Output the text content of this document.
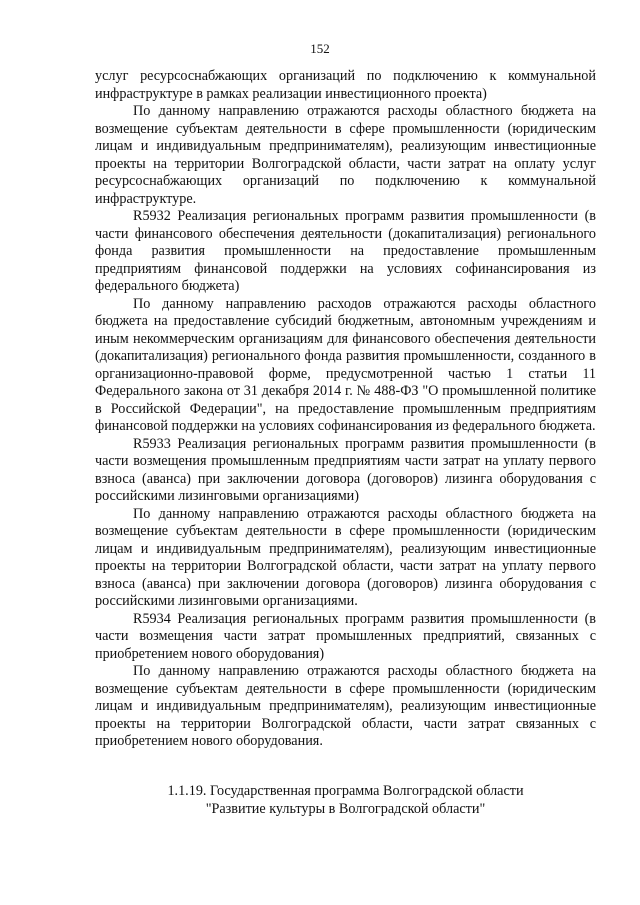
152

услуг ресурсоснабжающих организаций по подключению к коммунальной инфраструктуре в рамках реализации инвестиционного проекта)

По данному направлению отражаются расходы областного бюджета на возмещение субъектам деятельности в сфере промышленности (юридическим лицам и индивидуальным предпринимателям), реализующим инвестиционные проекты на территории Волгоградской области, части затрат на оплату услуг ресурсоснабжающих организаций по подключению к коммунальной инфраструктуре.

R5932 Реализация региональных программ развития промышленности (в части финансового обеспечения деятельности (докапитализация) регионального фонда развития промышленности на предоставление промышленным предприятиям финансовой поддержки на условиях софинансирования из федерального бюджета)

По данному направлению расходов отражаются расходы областного бюджета на предоставление субсидий бюджетным, автономным учреждениям и иным некоммерческим организациям для финансового обеспечения деятельности (докапитализация) регионального фонда развития промышленности, созданного в организационно-правовой форме, предусмотренной частью 1 статьи 11 Федерального закона от 31 декабря 2014 г. № 488-ФЗ "О промышленной политике в Российской Федерации", на предоставление промышленным предприятиям финансовой поддержки на условиях софинансирования из федерального бюджета.

R5933 Реализация региональных программ развития промышленности (в части возмещения промышленным предприятиям части затрат на уплату первого взноса (аванса) при заключении договора (договоров) лизинга оборудования с российскими лизинговыми организациями)

По данному направлению отражаются расходы областного бюджета на возмещение субъектам деятельности в сфере промышленности (юридическим лицам и индивидуальным предпринимателям), реализующим инвестиционные проекты на территории Волгоградской области, части затрат на уплату первого взноса (аванса) при заключении договора (договоров) лизинга оборудования с российскими лизинговыми организациями.

R5934 Реализация региональных программ развития промышленности (в части возмещения части затрат промышленных предприятий, связанных с приобретением нового оборудования)

По данному направлению отражаются расходы областного бюджета на возмещение субъектам деятельности в сфере промышленности (юридическим лицам и индивидуальным предпринимателям), реализующим инвестиционные проекты на территории Волгоградской области, части затрат связанных с приобретением нового оборудования.

1.1.19. Государственная программа Волгоградской области
"Развитие культуры в Волгоградской области"
